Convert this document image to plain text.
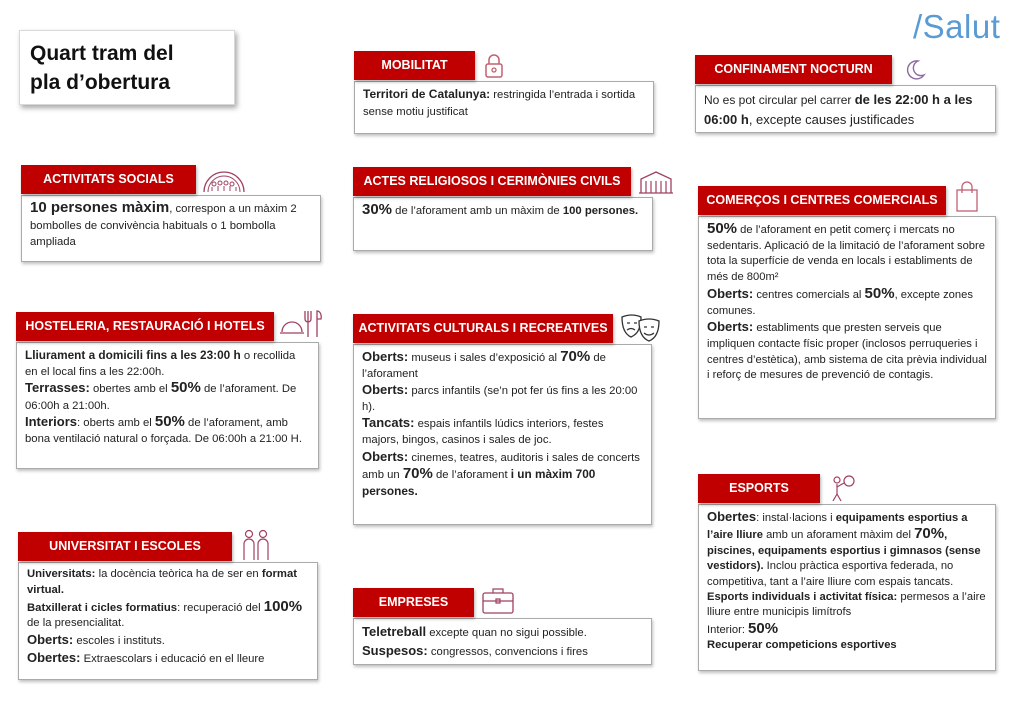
Quart tram del
pla d’obertura
/Salut

Territori de Catalunya: restringida l’entrada i sortida sense motiu justificat

MOBILITAT

No es pot circular pel carrer de les 22:00 h a les 06:00 h, excepte causes justificades

CONFINAMENT NOCTURN

10 persones màxim, correspon a un màxim 2 bombolles de convivència habituals o 1 bombolla ampliada

ACTIVITATS SOCIALS

30% de l’aforament amb un màxim de 100 persones.

ACTES RELIGIOSOS I CERIMÒNIES CIVILS

50% de l’aforament en petit comerç i mercats no sedentaris. Aplicació de la limitació de l’aforament sobre tota la superfície de venda en locals i establiments de més de 800m²

Oberts: centres comercials al 50%, excepte zones comunes.

Oberts: establiments que presten serveis que impliquen contacte físic proper (inclosos perruqueries i centres d’estètica), amb sistema de cita prèvia individual i reforç de mesures de prevenció de contagis.

COMERÇOS I CENTRES COMERCIALS

Lliurament a domicili fins a les 23:00 h o recollida en el local fins a les 22:00h.

Terrasses: obertes amb el 50% de l’aforament. De 06:00h a 21:00h.

Interiors: oberts amb el 50% de l’aforament, amb bona ventilació natural o forçada. De 06:00h a 21:00 H.

HOSTELERIA, RESTAURACIÓ I HOTELS

Oberts: museus i sales d’exposició al 70% de l’aforament

Oberts: parcs infantils (se’n pot fer ús fins a les 20:00 h).

Tancats: espais infantils lúdics interiors, festes majors, bingos, casinos i sales de joc.

Oberts: cinemes, teatres, auditoris i sales de concerts amb un 70% de l’aforament i un màxim 700 persones.

ACTIVITATS CULTURALS I RECREATIVES

Obertes: instal·lacions i equipaments esportius a l’aire lliure amb un aforament màxim del 70%, piscines, equipaments esportius i gimnasos (sense vestidors). Inclou pràctica esportiva federada, no competitiva, tant a l’aire lliure com espais tancats. Esports individuals i activitat física: permesos a l’aire lliure entre municipis limítrofs

Interior: 50%

Recuperar competicions esportives

ESPORTS

Universitats: la docència teòrica ha de ser en format virtual.

Batxillerat i cicles formatius: recuperació del 100% de la presencialitat.

Oberts: escoles i instituts.

Obertes: Extraescolars i educació en el lleure

UNIVERSITAT I ESCOLES

Teletreball excepte quan no sigui possible.

Suspesos: congressos, convencions i fires

EMPRESES
